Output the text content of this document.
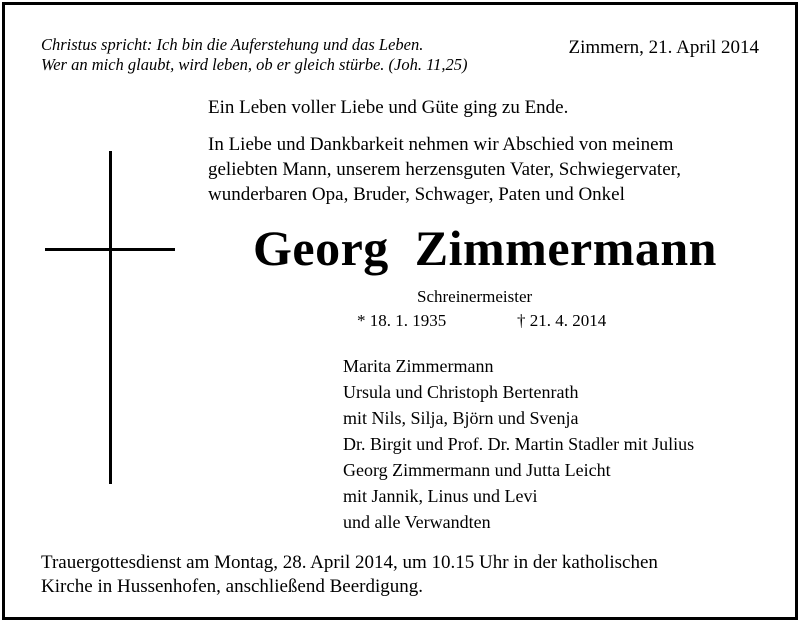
Christus spricht: Ich bin die Auferstehung und das Leben.
Wer an mich glaubt, wird leben, ob er gleich stürbe. (Joh. 11,25)
Zimmern, 21. April 2014
Ein Leben voller Liebe und Güte ging zu Ende.
In Liebe und Dankbarkeit nehmen wir Abschied von meinem
geliebten Mann, unserem herzensguten Vater, Schwiegervater,
wunderbaren Opa, Bruder, Schwager, Paten und Onkel
Georg  Zimmermann
Schreinermeister
* 18. 1. 1935	† 21. 4. 2014
Marita Zimmermann
Ursula und Christoph Bertenrath
mit Nils, Silja, Björn und Svenja
Dr. Birgit und Prof. Dr. Martin Stadler mit Julius
Georg Zimmermann und Jutta Leicht
mit Jannik, Linus und Levi
und alle Verwandten
Trauergottesdienst am Montag, 28. April 2014, um 10.15 Uhr in der katholischen
Kirche in Hussenhofen, anschließend Beerdigung.
